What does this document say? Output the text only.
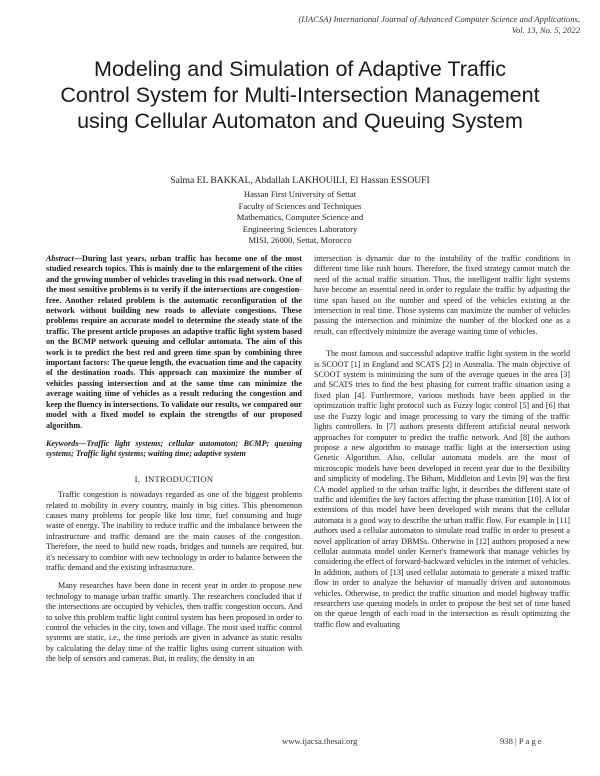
(IJACSA) International Journal of Advanced Computer Science and Applications,
Vol. 13, No. 5, 2022
Modeling and Simulation of Adaptive Traffic
Control System for Multi-Intersection Management
using Cellular Automaton and Queuing System
Salma EL BAKKAL, Abdallah LAKHOUILI, El Hassan ESSOUFI
Hassan First University of Settat
Faculty of Sciences and Techniques
Mathematics, Computer Science and
Engineering Sciences Laboratory
MISI, 26000, Settat, Morocco
Abstract—During last years, urban traffic has become one of the most studied research topics. This is mainly due to the enlargement of the cities and the growing number of vehicles traveling in this road network. One of the most sensitive problems is to verify if the intersections are congestion-free. Another related problem is the automatic reconfiguration of the network without building new roads to alleviate congestions. These problems require an accurate model to determine the steady state of the traffic. The present article proposes an adaptive traffic light system based on the BCMP network queuing and cellular automata. The aim of this work is to predict the best red and green time span by combining three important factors: The queue length, the evacuation time and the capacity of the destination roads. This approach can maximize the number of vehicles passing intersection and at the same time can minimize the average waiting time of vehicles as a result reducing the congestion and keep the fluency in intersections. To validate our results, we compared our model with a fixed model to explain the strengths of our proposed algorithm.
Keywords—Traffic light systems; cellular automaton; BCMP; queuing systems; Traffic light systems; waiting time; adaptive system
I. INTRODUCTION

Traffic congestion is nowadays regarded as one of the biggest problems related to mobility in every country, mainly in big cities. This phenomenon causes many problems for people like lost time, fuel consuming and huge waste of energy. The inability to reduce traffic and the imbalance between the infrastructure and traffic demand are the main causes of the congestion. Therefore, the need to build new roads, bridges and tunnels are required, but it's necessary to combine with new technology in order to balance between the traffic demand and the existing infrastructure.

Many researches have been done in recent year in order to propose new technology to manage urban traffic smartly. The researchers concluded that if the intersections are occupied by vehicles, then traffic congestion occurs. And to solve this problem traffic light control system has been proposed in order to control the vehicles in the city, town and village. The most used traffic control systems are static, i.e., the time periods are given in advance as static results by calculating the delay time of the traffic lights using current situation with the help of sensors and cameras. But, in reality, the density in an

intersection is dynamic due to the instability of the traffic conditions in different time like rush hours. Therefore, the fixed strategy cannot match the need of the actual traffic situation. Thus, the intelligent traffic light systems have become an essential need in order to regulate the traffic by adjusting the time span based on the number and speed of the vehicles existing at the intersection in real time. Those systems can maximize the number of vehicles passing the intersection and minimize the number of the blocked one as a result, can effectively minimize the average waiting time of vehicles.

The most famous and successful adaptive traffic light system in the world is SCOOT [1] in England and SCATS [2] in Australia. The main objective of SCOOT system is minimizing the sum of the average queues in the area [3] and SCATS tries to find the best phasing for current traffic situation using a fixed plan [4]. Furthermore, various methods have been applied in the optimization traffic light protocol such as Fuzzy logic control [5] and [6] that use the Fuzzy logic and image processing to vary the timing of the traffic lights controllers. In [7] authors presents different artificial neural network approaches for computer to predict the traffic network. And [8] the authors propose a new algorithm to manage traffic light at the intersection using Genetic Algorithm. Also, cellular automata models are the most of microscopic models have been developed in recent year due to the flexibility and simplicity of modeling. The Biham, Middleton and Levin [9] was the first CA model applied to the urban traffic light, it describes the different state of traffic and identifies the key factors affecting the phase transition [10]. A lot of extensions of this model have been developed wish means that the cellular automata is a good way to describe the urban traffic flow. For example in [11] authors used a cellular automaton to simulate road traffic in order to present a novel application of array DBMSs. Otherwise in [12] authors proposed a new cellular automata model under Kerner's framework that manage vehicles by considering the effect of forward-backward vehicles in the internet of vehicles. In addition, authors of [13] used cellular automata to generate a mixed traffic flow in order to analyze the behavior of manually driven and autonomous vehicles. Otherwise, to predict the traffic situation and model highway traffic researchers use queuing models in order to propose the best set of time based on the queue length of each road in the intersection as result optimizing the traffic flow and evaluating

www.ijacsa.thesai.org	938 | P a g e
